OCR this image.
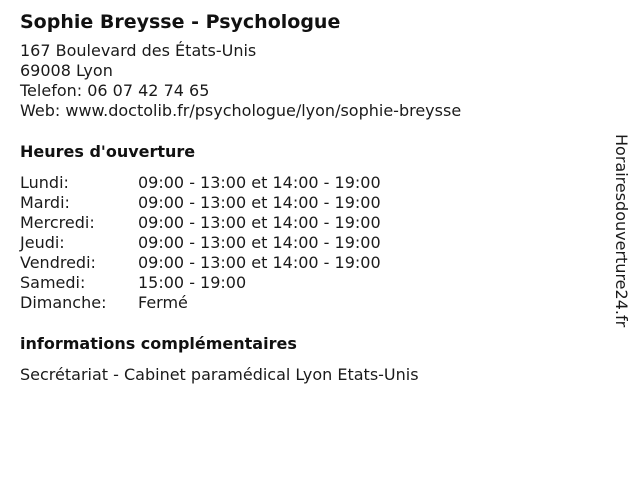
Sophie Breysse - Psychologue
167 Boulevard des États-Unis
69008 Lyon
Telefon: 06 07 42 74 65
Web: www.doctolib.fr/psychologue/lyon/sophie-breysse
Heures d'ouverture
Lundi:	09:00 - 13:00 et 14:00 - 19:00
Mardi:	09:00 - 13:00 et 14:00 - 19:00
Mercredi:	09:00 - 13:00 et 14:00 - 19:00
Jeudi:	09:00 - 13:00 et 14:00 - 19:00
Vendredi:	09:00 - 13:00 et 14:00 - 19:00
Samedi:	15:00 - 19:00
Dimanche:	Fermé
informations complémentaires
Secrétariat - Cabinet paramédical Lyon Etats-Unis
Horairesdouverture24.fr
